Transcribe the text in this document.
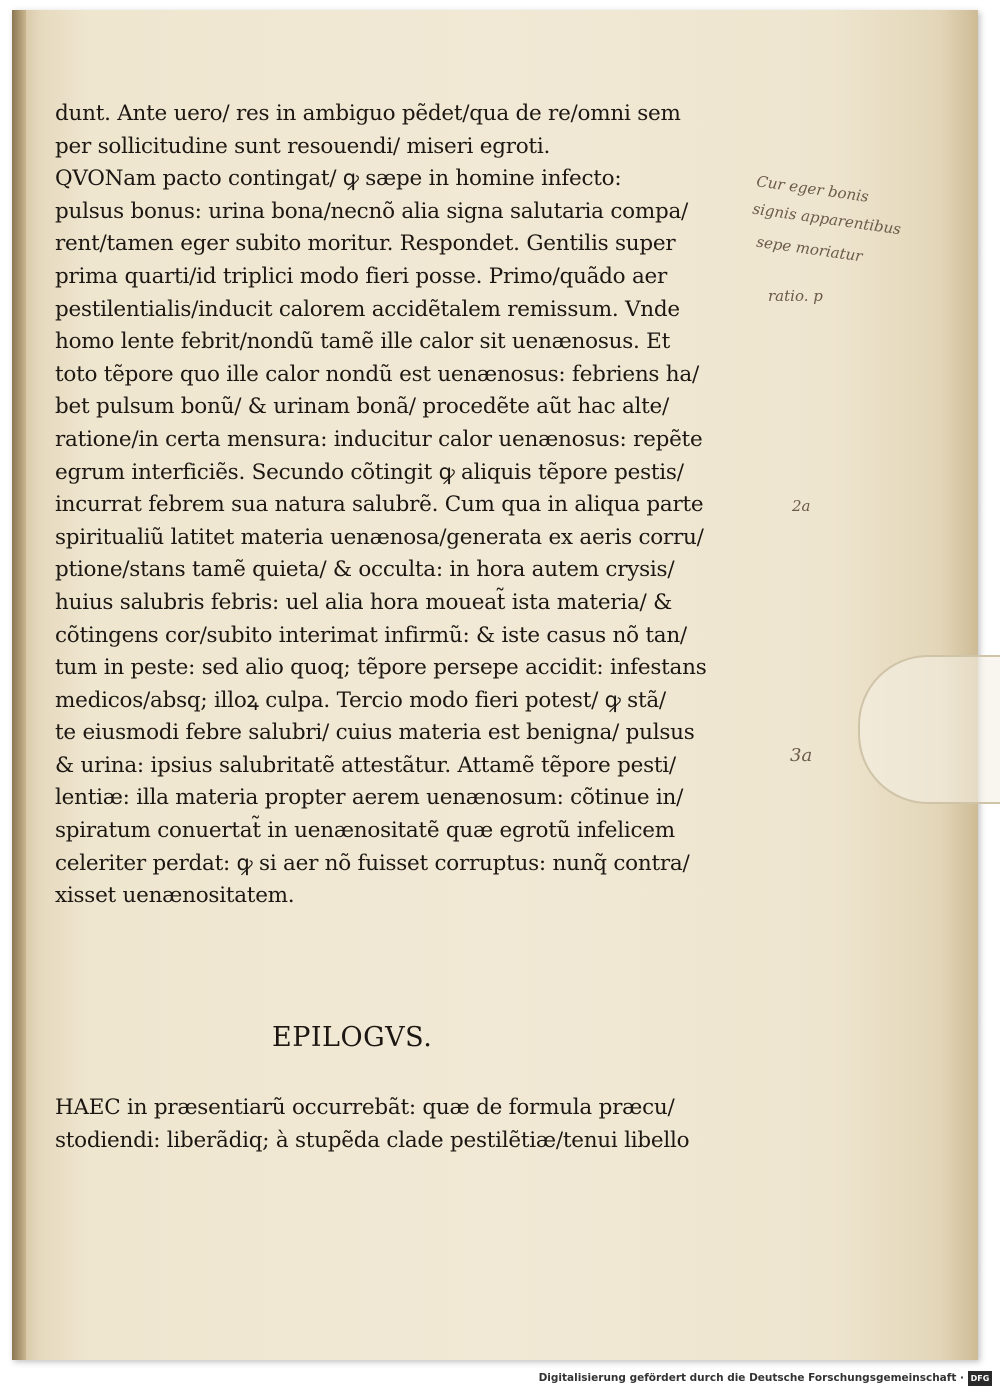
dunt. Ante uero/ res in ambiguo pẽdet/qua de re/omni sem
per sollicitudine sunt resouendi/ miseri egroti.
QVONam pacto contingat/ ꝙ sæpe in homine infecto:
pulsus bonus: urina bona/necnõ alia signa salutaria compa/
rent/tamen eger subito moritur. Respondet. Gentilis super
prima quarti/id triplici modo fieri posse. Primo/quãdo aer
pestilentialis/inducit calorem accidẽtalem remissum. Vnde
homo lente febrit/nondũ tamẽ ille calor sit uenænosus. Et
toto tẽpore quo ille calor nondũ est uenænosus: febriens ha/
bet pulsum bonũ/ & urinam bonã/ procedẽte aũt hac alte/
ratione/in certa mensura: inducitur calor uenænosus: repẽte
egrum interficiẽs. Secundo cõtingit ꝙ aliquis tẽpore pestis/
incurrat febrem sua natura salubrẽ. Cum qua in aliqua parte
spiritualiũ latitet materia uenænosa/generata ex aeris corru/
ptione/stans tamẽ quieta/ & occulta: in hora autem crysis/
huius salubris febris: uel alia hora moueat̃ ista materia/ &
cõtingens cor/subito interimat infirmũ: & iste casus nõ tan/
tum in peste: sed alio quoq; tẽpore persepe accidit: infestans
medicos/absq; illoꝝ culpa. Tercio modo fieri potest/ ꝙ stã/
te eiusmodi febre salubri/ cuius materia est benigna/ pulsus
& urina: ipsius salubritatẽ attestãtur. Attamẽ tẽpore pesti/
lentiæ: illa materia propter aerem uenænosum: cõtinue in/
spiratum conuertat̃ in uenænositatẽ quæ egrotũ infelicem
celeriter perdat: ꝙ si aer nõ fuisset corruptus: nunq̃ contra/
xisset uenænositatem.
EPILOGVS.
HAEC in præsentiarũ occurrebãt: quæ de formula præcu/
stodiendi: liberãdiq; à stupẽda clade pestilẽtiæ/tenui libello
Cur eger bonis
signis apparentibus
sepe moriatur
ratio. p
2a
3a
Digitalisierung gefördert durch die Deutsche Forschungsgemeinschaft · DFG
